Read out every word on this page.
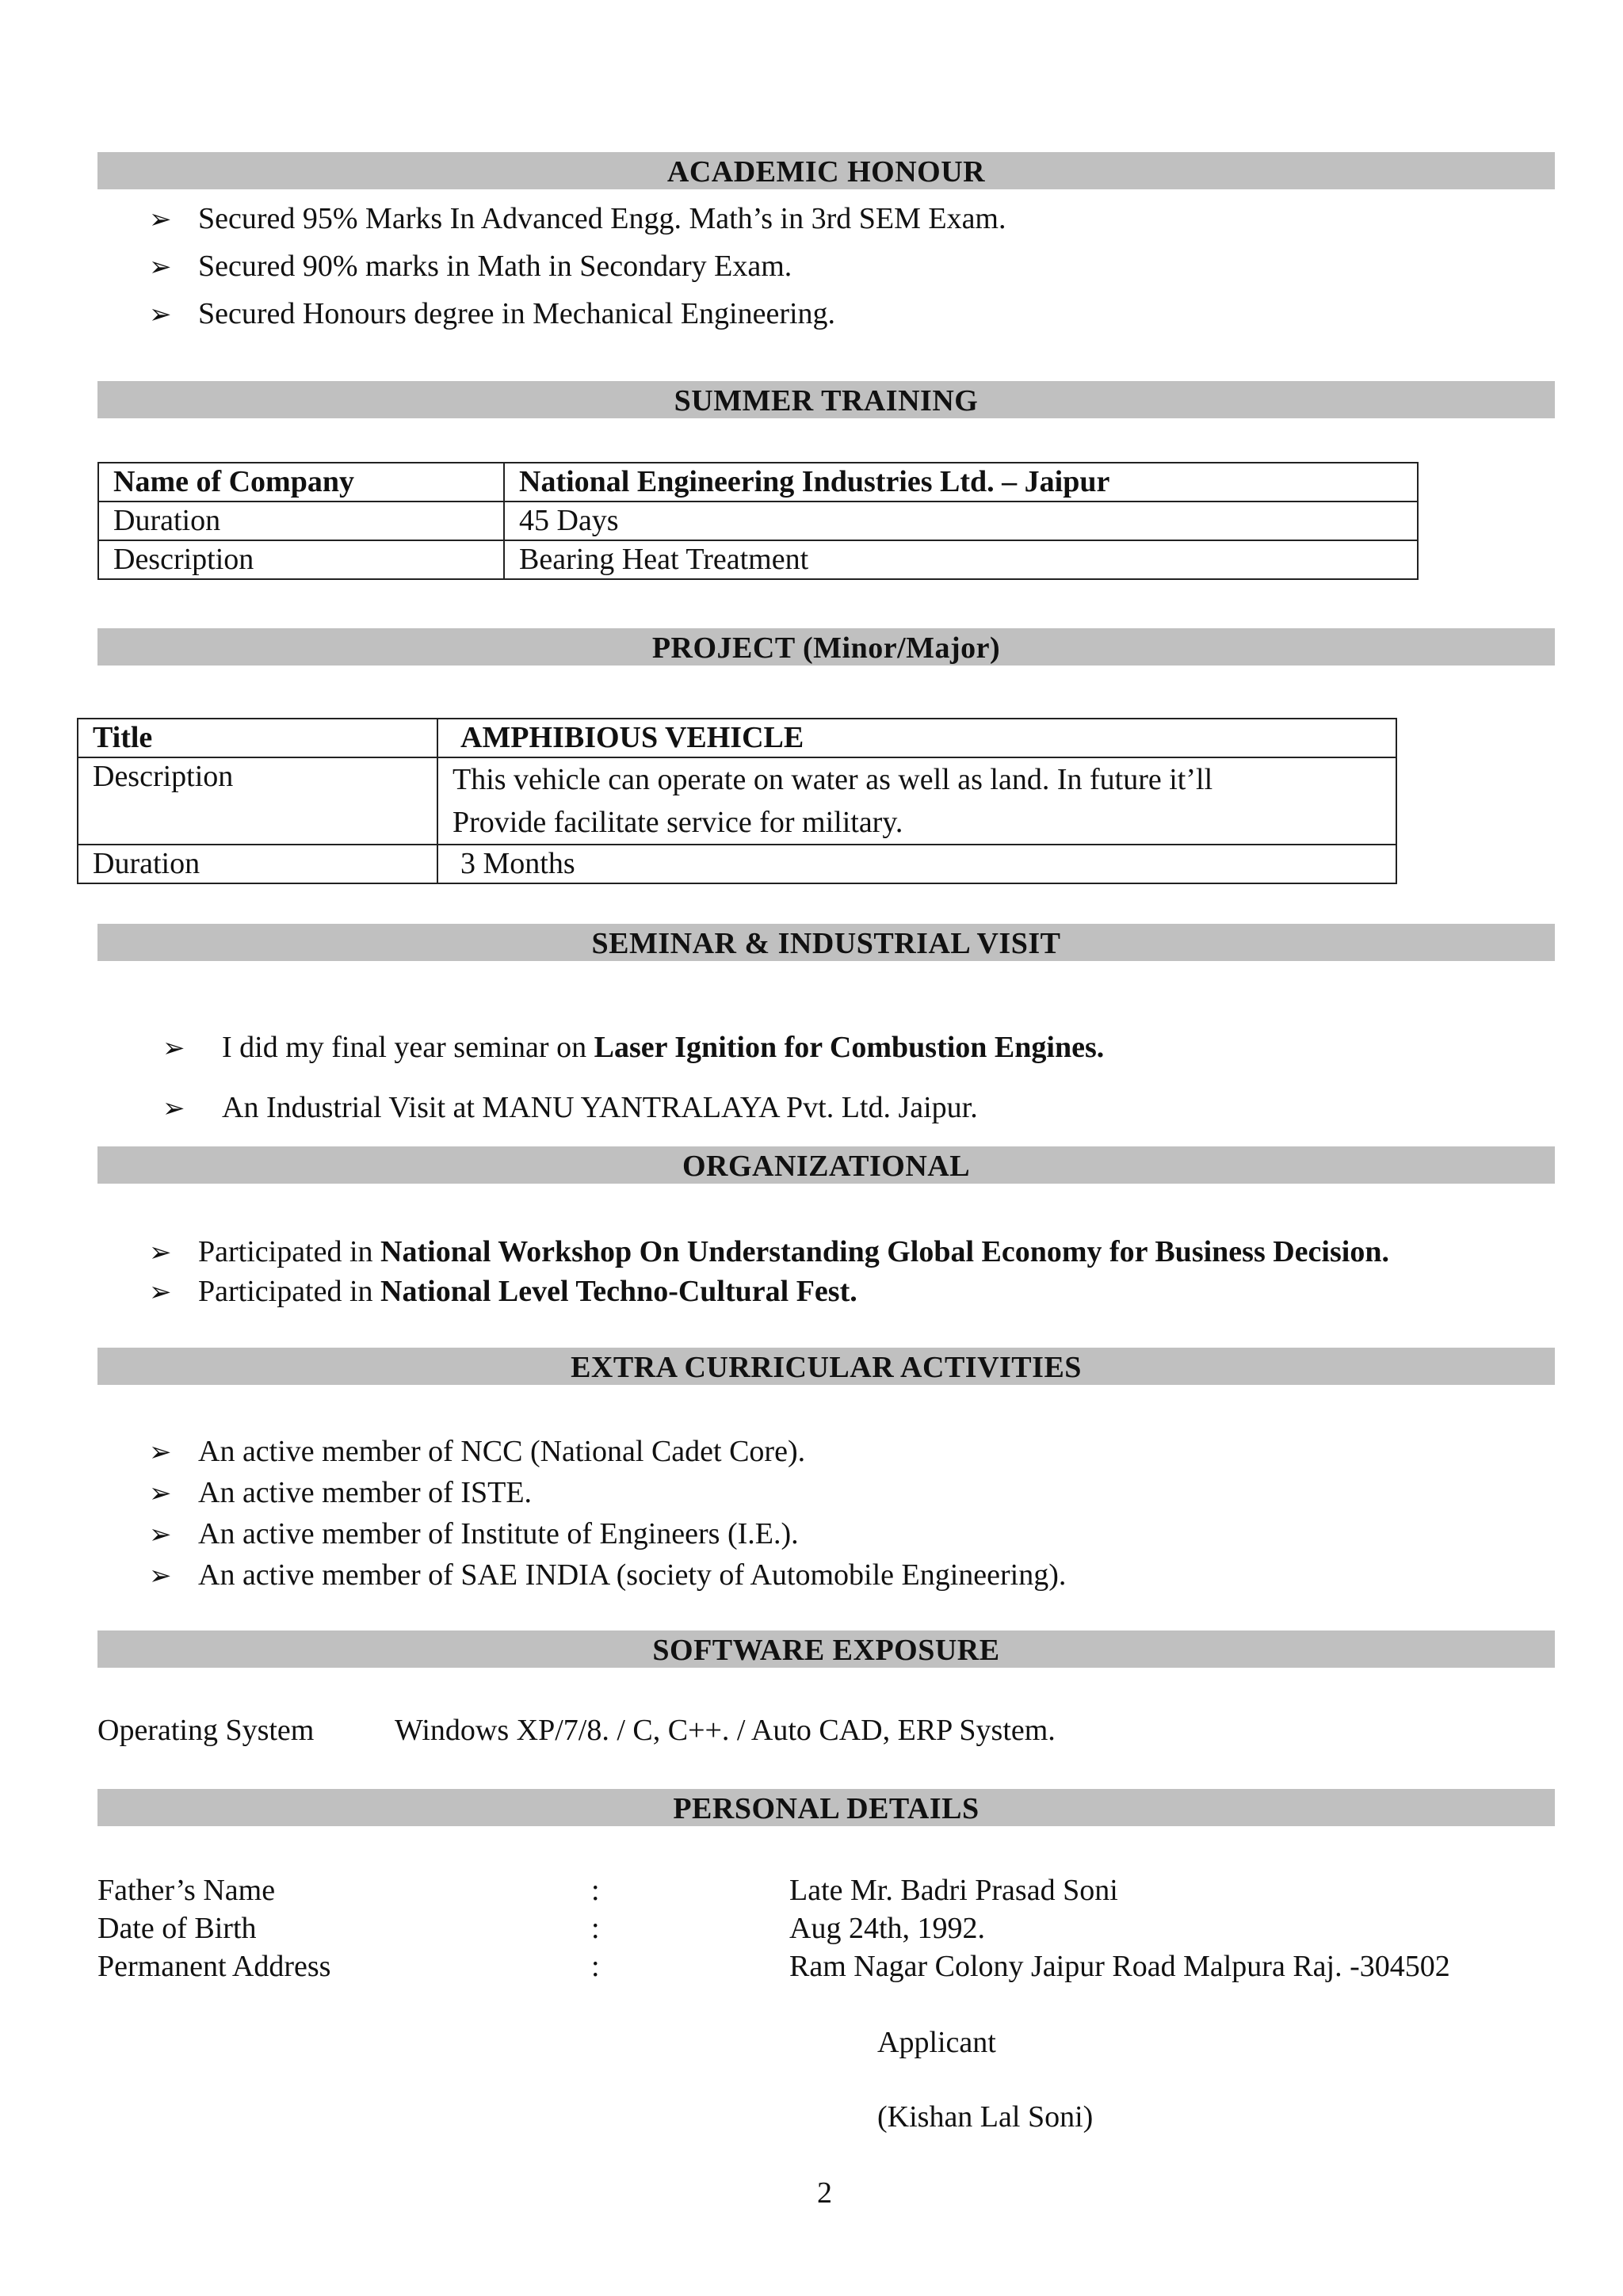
ACADEMIC HONOUR
➢ Secured 95% Marks In Advanced Engg. Math’s in 3rd SEM Exam.
➢ Secured 90% marks in Math in Secondary Exam.
➢ Secured Honours degree in Mechanical Engineering.
SUMMER TRAINING
Name of Company	National Engineering Industries Ltd. – Jaipur
Duration	45 Days
Description	Bearing Heat Treatment
PROJECT (Minor/Major)
Title	AMPHIBIOUS VEHICLE
Description	This vehicle can operate on water as well as land. In future it’ll
Provide facilitate service for military.

Duration	3 Months
SEMINAR & INDUSTRIAL VISIT
➢ I did my final year seminar on Laser Ignition for Combustion Engines.
➢ An Industrial Visit at MANU YANTRALAYA Pvt. Ltd. Jaipur.
ORGANIZATIONAL
➢ Participated in National Workshop On Understanding Global Economy for Business Decision.
➢ Participated in National Level Techno-Cultural Fest.
EXTRA CURRICULAR ACTIVITIES
➢ An active member of NCC (National Cadet Core).
➢ An active member of ISTE.
➢ An active member of Institute of Engineers (I.E.).
➢ An active member of SAE INDIA (society of Automobile Engineering).
SOFTWARE EXPOSURE
Operating System	Windows XP/7/8. / C, C++. / Auto CAD, ERP System.
PERSONAL DETAILS
Father’s Name	:	Late Mr. Badri Prasad Soni
Date of Birth	:	Aug 24th, 1992.
Permanent Address	:	Ram Nagar Colony Jaipur Road Malpura Raj. -304502
Applicant
(Kishan Lal Soni)
2
